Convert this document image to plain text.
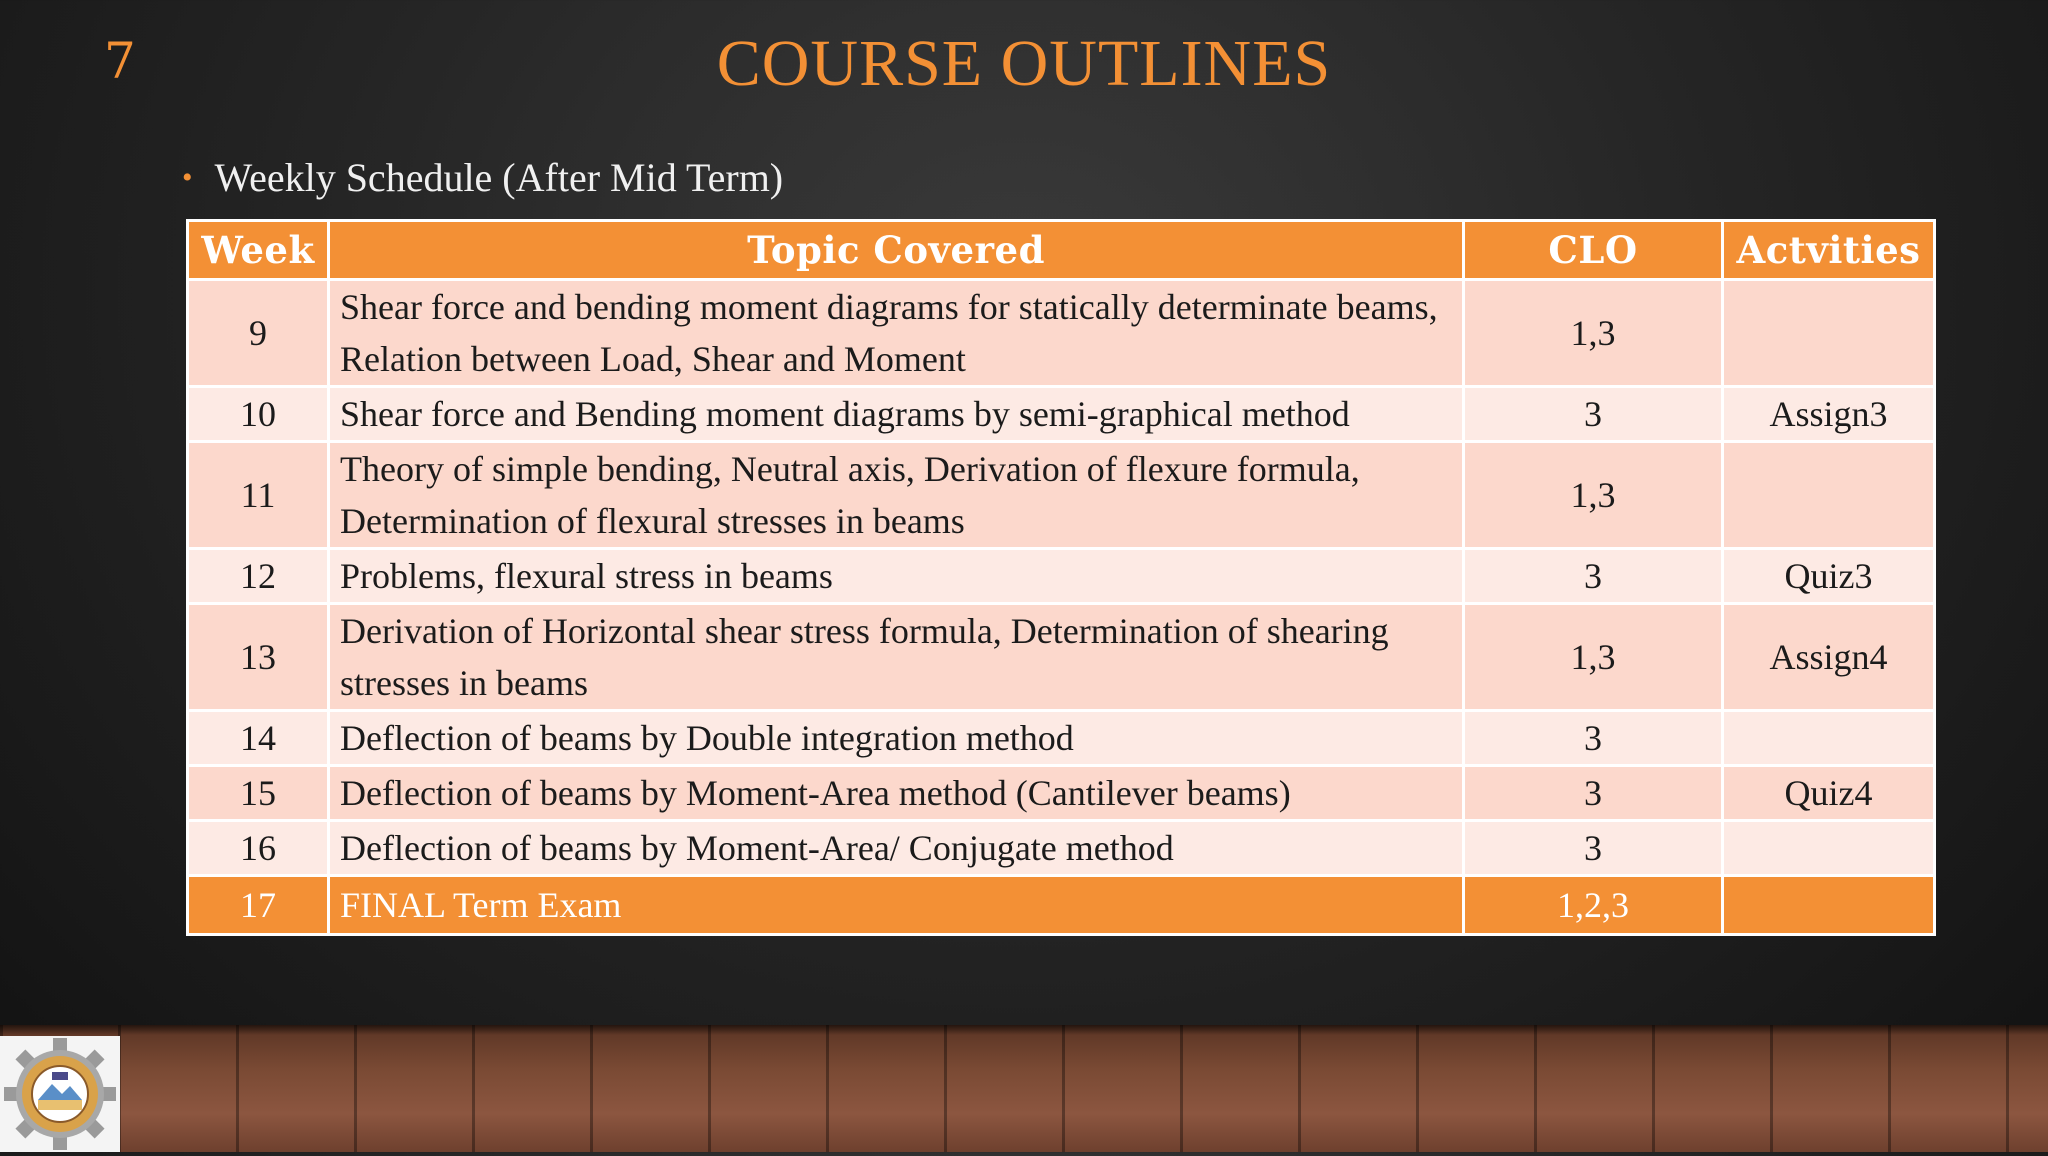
7	COURSE OUTLINES
• Weekly Schedule (After Mid Term)
Week	Topic Covered	CLO	Actvities
9	Shear force and bending moment diagrams for statically determinate beams, Relation between Load, Shear and Moment	1,3	
10	Shear force and Bending moment diagrams by semi-graphical method	3	Assign3
11	Theory of simple bending, Neutral axis, Derivation of flexure formula, Determination of flexural stresses in beams	1,3	
12	Problems, flexural stress in beams	3	Quiz3
13	Derivation of Horizontal shear stress formula, Determination of shearing stresses in beams	1,3	Assign4
14	Deflection of beams by Double integration method	3	
15	Deflection of beams by Moment-Area method (Cantilever beams)	3	Quiz4
16	Deflection of beams by Moment-Area/ Conjugate method	3	
17	FINAL Term Exam	1,2,3	
